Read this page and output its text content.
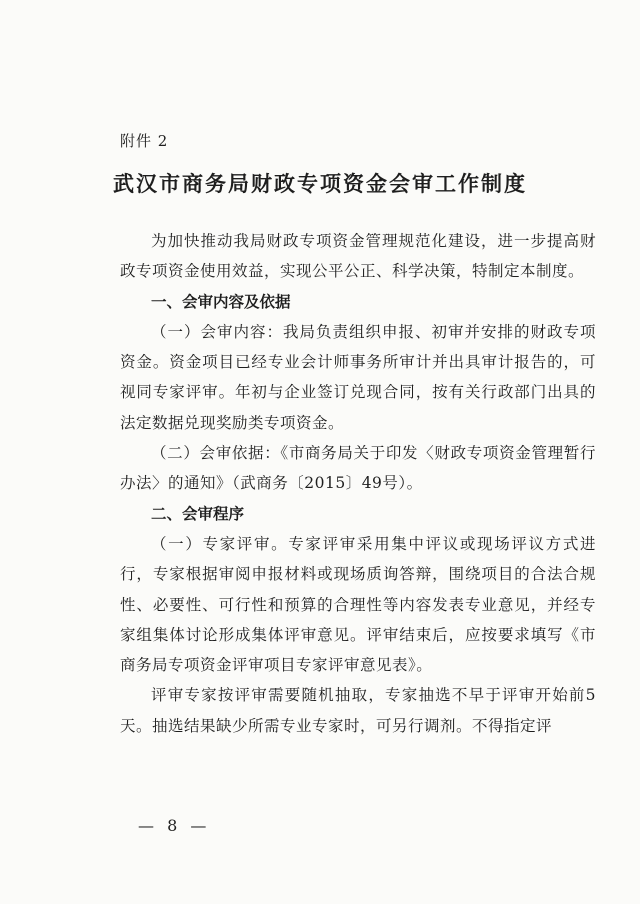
附件 2
武汉市商务局财政专项资金会审工作制度

为加快推动我局财政专项资金管理规范化建设，进一步提高财政专项资金使用效益，实现公平公正、科学决策，特制定本制度。

一、会审内容及依据

（一）会审内容：我局负责组织申报、初审并安排的财政专项资金。资金项目已经专业会计师事务所审计并出具审计报告的，可视同专家评审。年初与企业签订兑现合同，按有关行政部门出具的法定数据兑现奖励类专项资金。

（二）会审依据：《市商务局关于印发〈财政专项资金管理暂行办法〉的通知》（武商务〔2015〕49号）。

二、会审程序

（一）专家评审。专家评审采用集中评议或现场评议方式进行，专家根据审阅申报材料或现场质询答辩，围绕项目的合法合规性、必要性、可行性和预算的合理性等内容发表专业意见，并经专家组集体讨论形成集体评审意见。评审结束后，应按要求填写《市商务局专项资金评审项目专家评审意见表》。

评审专家按评审需要随机抽取，专家抽选不早于评审开始前5天。抽选结果缺少所需专业专家时，可另行调剂。不得指定评

— 8 —
